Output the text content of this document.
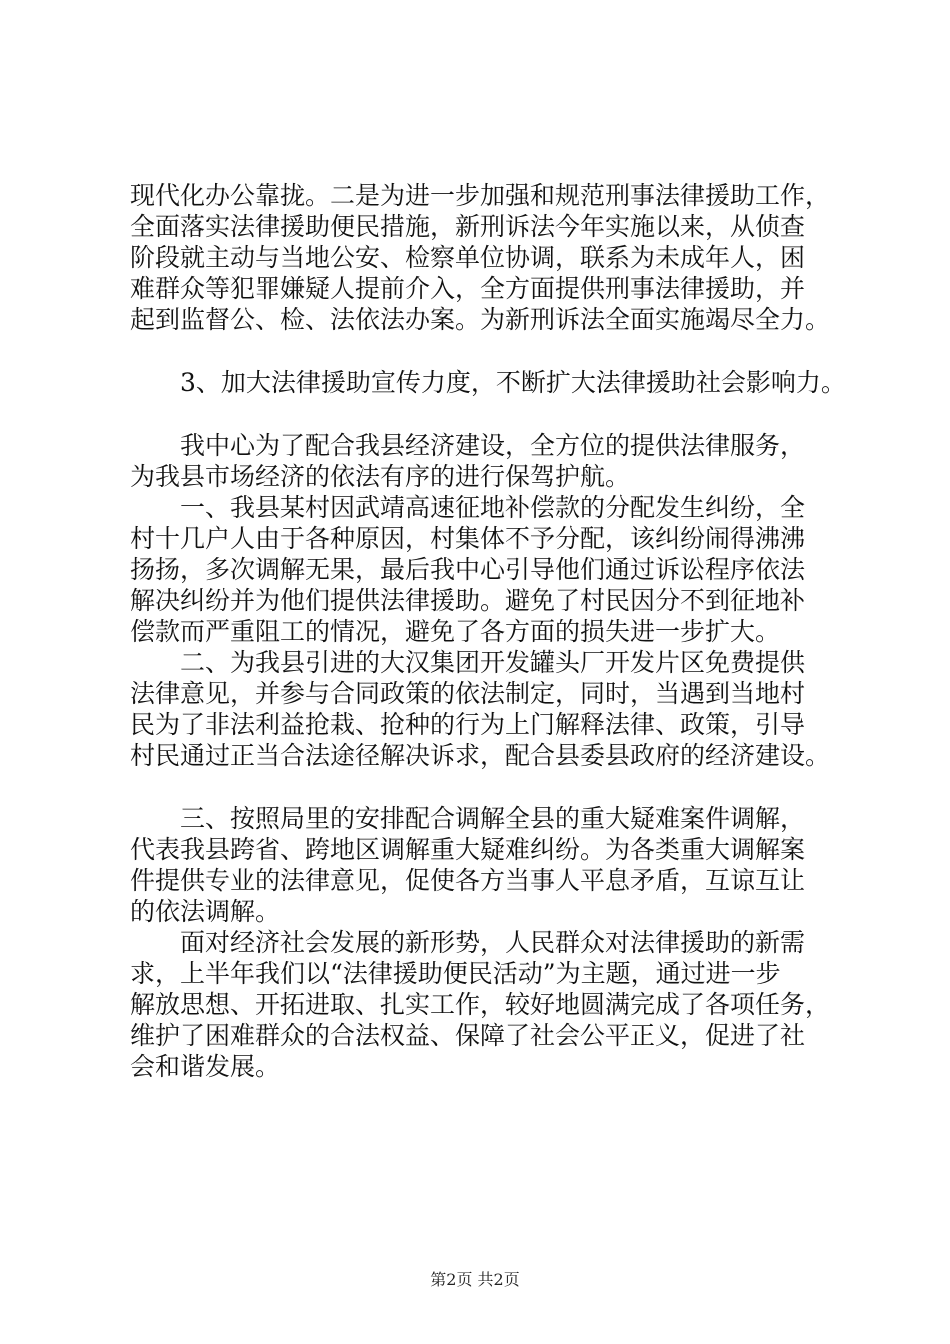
现代化办公靠拢。二是为进一步加强和规范刑事法律援助工作，

全面落实法律援助便民措施，新刑诉法今年实施以来，从侦查

阶段就主动与当地公安、检察单位协调，联系为未成年人，困

难群众等犯罪嫌疑人提前介入，全方面提供刑事法律援助，并

起到监督公、检、法依法办案。为新刑诉法全面实施竭尽全力。

　　3、加大法律援助宣传力度，不断扩大法律援助社会影响力。

　　我中心为了配合我县经济建设，全方位的提供法律服务，

为我县市场经济的依法有序的进行保驾护航。

　　一、我县某村因武靖高速征地补偿款的分配发生纠纷，全

村十几户人由于各种原因，村集体不予分配，该纠纷闹得沸沸

扬扬，多次调解无果，最后我中心引导他们通过诉讼程序依法

解决纠纷并为他们提供法律援助。避免了村民因分不到征地补

偿款而严重阻工的情况，避免了各方面的损失进一步扩大。

　　二、为我县引进的大汉集团开发罐头厂开发片区免费提供

法律意见，并参与合同政策的依法制定，同时，当遇到当地村

民为了非法利益抢栽、抢种的行为上门解释法律、政策，引导

村民通过正当合法途径解决诉求，配合县委县政府的经济建设。

　　三、按照局里的安排配合调解全县的重大疑难案件调解，

代表我县跨省、跨地区调解重大疑难纠纷。为各类重大调解案

件提供专业的法律意见，促使各方当事人平息矛盾，互谅互让

的依法调解。

　　面对经济社会发展的新形势，人民群众对法律援助的新需

求，上半年我们以“法律援助便民活动”为主题，通过进一步

解放思想、开拓进取、扎实工作，较好地圆满完成了各项任务，

维护了困难群众的合法权益、保障了社会公平正义，促进了社

会和谐发展。

第2页 共2页
